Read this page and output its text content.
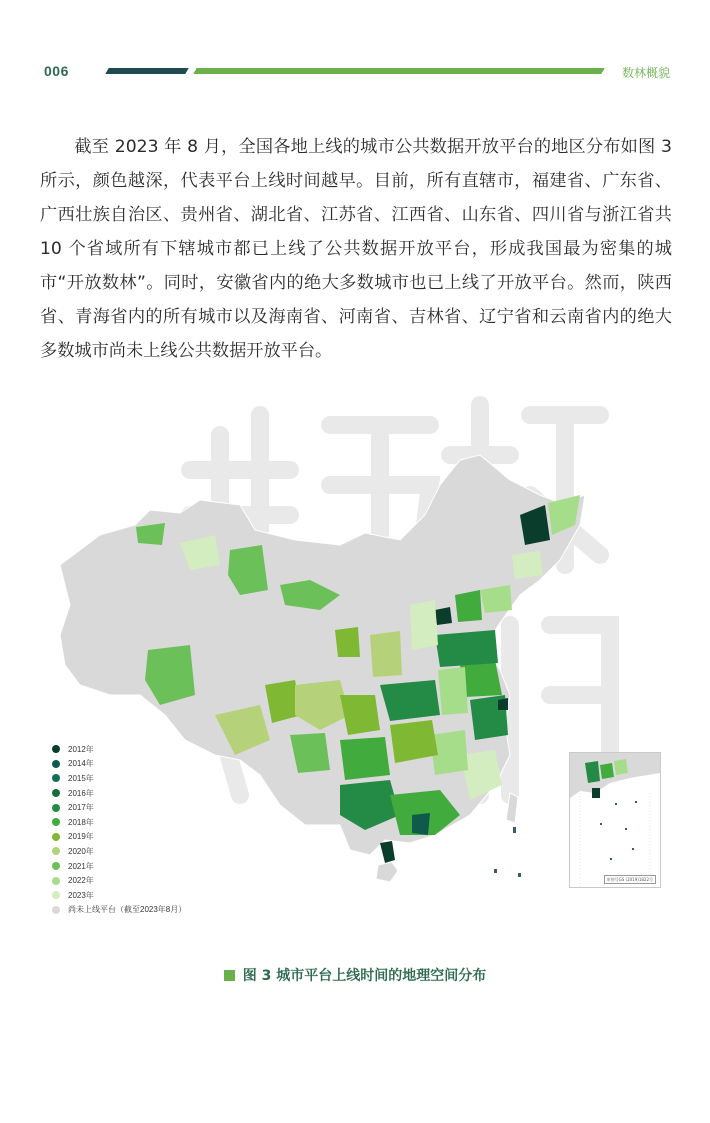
006	数林概貌

截至 2023 年 8 月，全国各地上线的城市公共数据开放平台的地区分布如图 3 所示，颜色越深，代表平台上线时间越早。目前，所有直辖市，福建省、广东省、广西壮族自治区、贵州省、湖北省、江苏省、江西省、山东省、四川省与浙江省共 10 个省域所有下辖城市都已上线了公共数据开放平台，形成我国最为密集的城市“开放数林”。同时，安徽省内的绝大多数城市也已上线了开放平台。然而，陕西省、青海省内的所有城市以及海南省、河南省、吉林省、辽宁省和云南省内的绝大多数城市尚未上线公共数据开放平台。

2012年
2014年
2015年
2016年
2017年
2018年
2019年
2020年
2021年
2022年
2023年
尚未上线平台（截至2023年8月）
审图号GS (2019)1822号
图 3 城市平台上线时间的地理空间分布
